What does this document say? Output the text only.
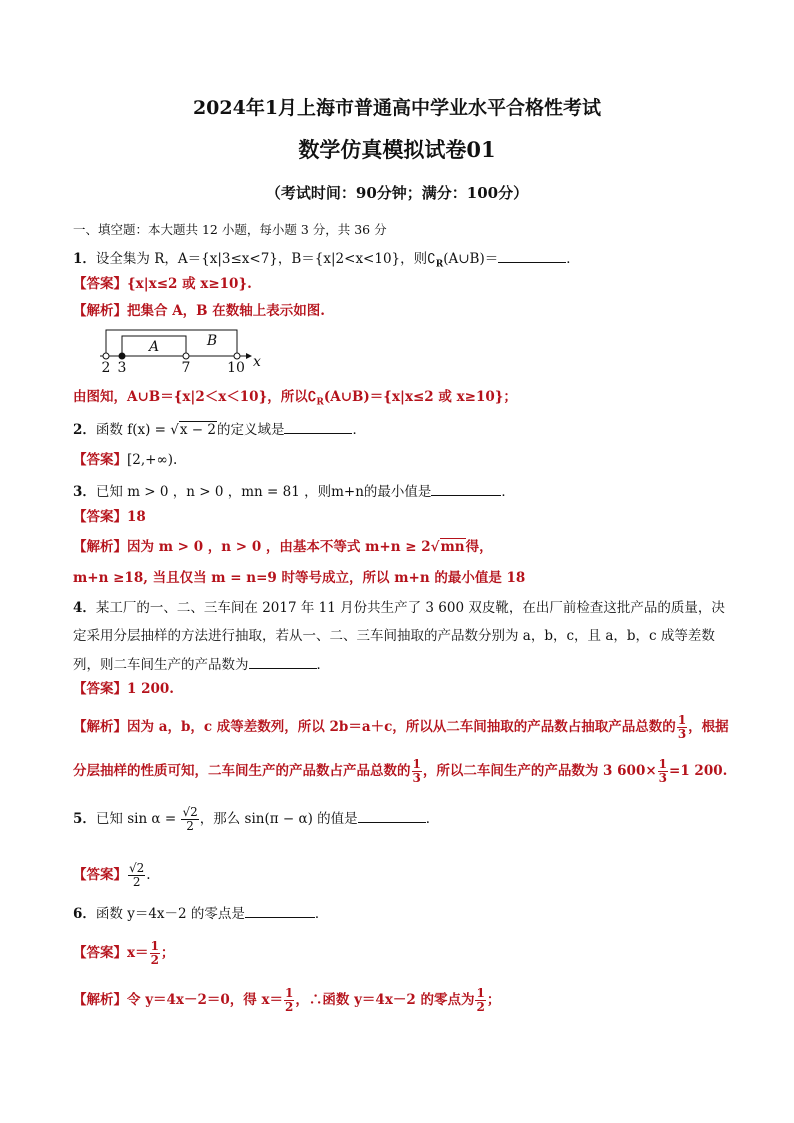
2024年1月上海市普通高中学业水平合格性考试
数学仿真模拟试卷01
（考试时间：90分钟；满分：100分）
一、填空题：本大题共 12 小题，每小题 3 分，共 36 分
1．设全集为 R，A＝{x|3≤x<7}，B＝{x|2<x<10}，则$∁_R(A\cup B)=$	．
【答案】{x|x≤2 或 x≥10}.
【解析】把集合 A，B 在数轴上表示如图.
A	B
2 3	7	10 x
由图知，A∪B＝{x|2＜x＜10}，所以$∁_R(A\cup B)=\{x|x\le 2$ 或 x≥10}；
2．函数 f(x) = √x − 2的定义域是	．
【答案】[2,+∞).
3．已知 m > 0 ，n > 0 ，mn = 81 ，则m+n的最小值是	．
【答案】18
【解析】因为 m > 0 ，n > 0 ，由基本不等式 m+n ≥ 2√mn得，
m+n ≥18, 当且仅当 m = n=9 时等号成立，所以 m+n 的最小值是 18
4．某工厂的一、二、三车间在 2017 年 11 月份共生产了 3 600 双皮靴，在出厂前检查这批产品的质量，决
定采用分层抽样的方法进行抽取，若从一、二、三车间抽取的产品数分别为 a，b，c，且 a，b，c 成等差数
列，则二车间生产的产品数为	．
【答案】1 200.
【解析】因为 a，b，c 成等差数列，所以 2b＝a＋c，所以从二车间抽取的产品数占抽取产品总数的 $\frac{1}{3}$ ，根据
分层抽样的性质可知，二车间生产的产品数占产品总数的 $\frac{1}{3}$ ，所以二车间生产的产品数为 3 $600\times \frac{1}{3} =1$ 200.
5．已知 $\sin \alpha = \frac{√2}{2}$ ，那么 sin(π − α) 的值是	．
【答案】 $\frac{√2}{2}$ .
6．函数 y＝4x－2 的零点是	．
【答案】$x= \frac{1}{2}$ ；
【解析】令 y＝4x－2＝0，得 $x= \frac{1}{2}$ ，∴函数 y＝4x－2 的零点为 $\frac{1}{2}$ ；
